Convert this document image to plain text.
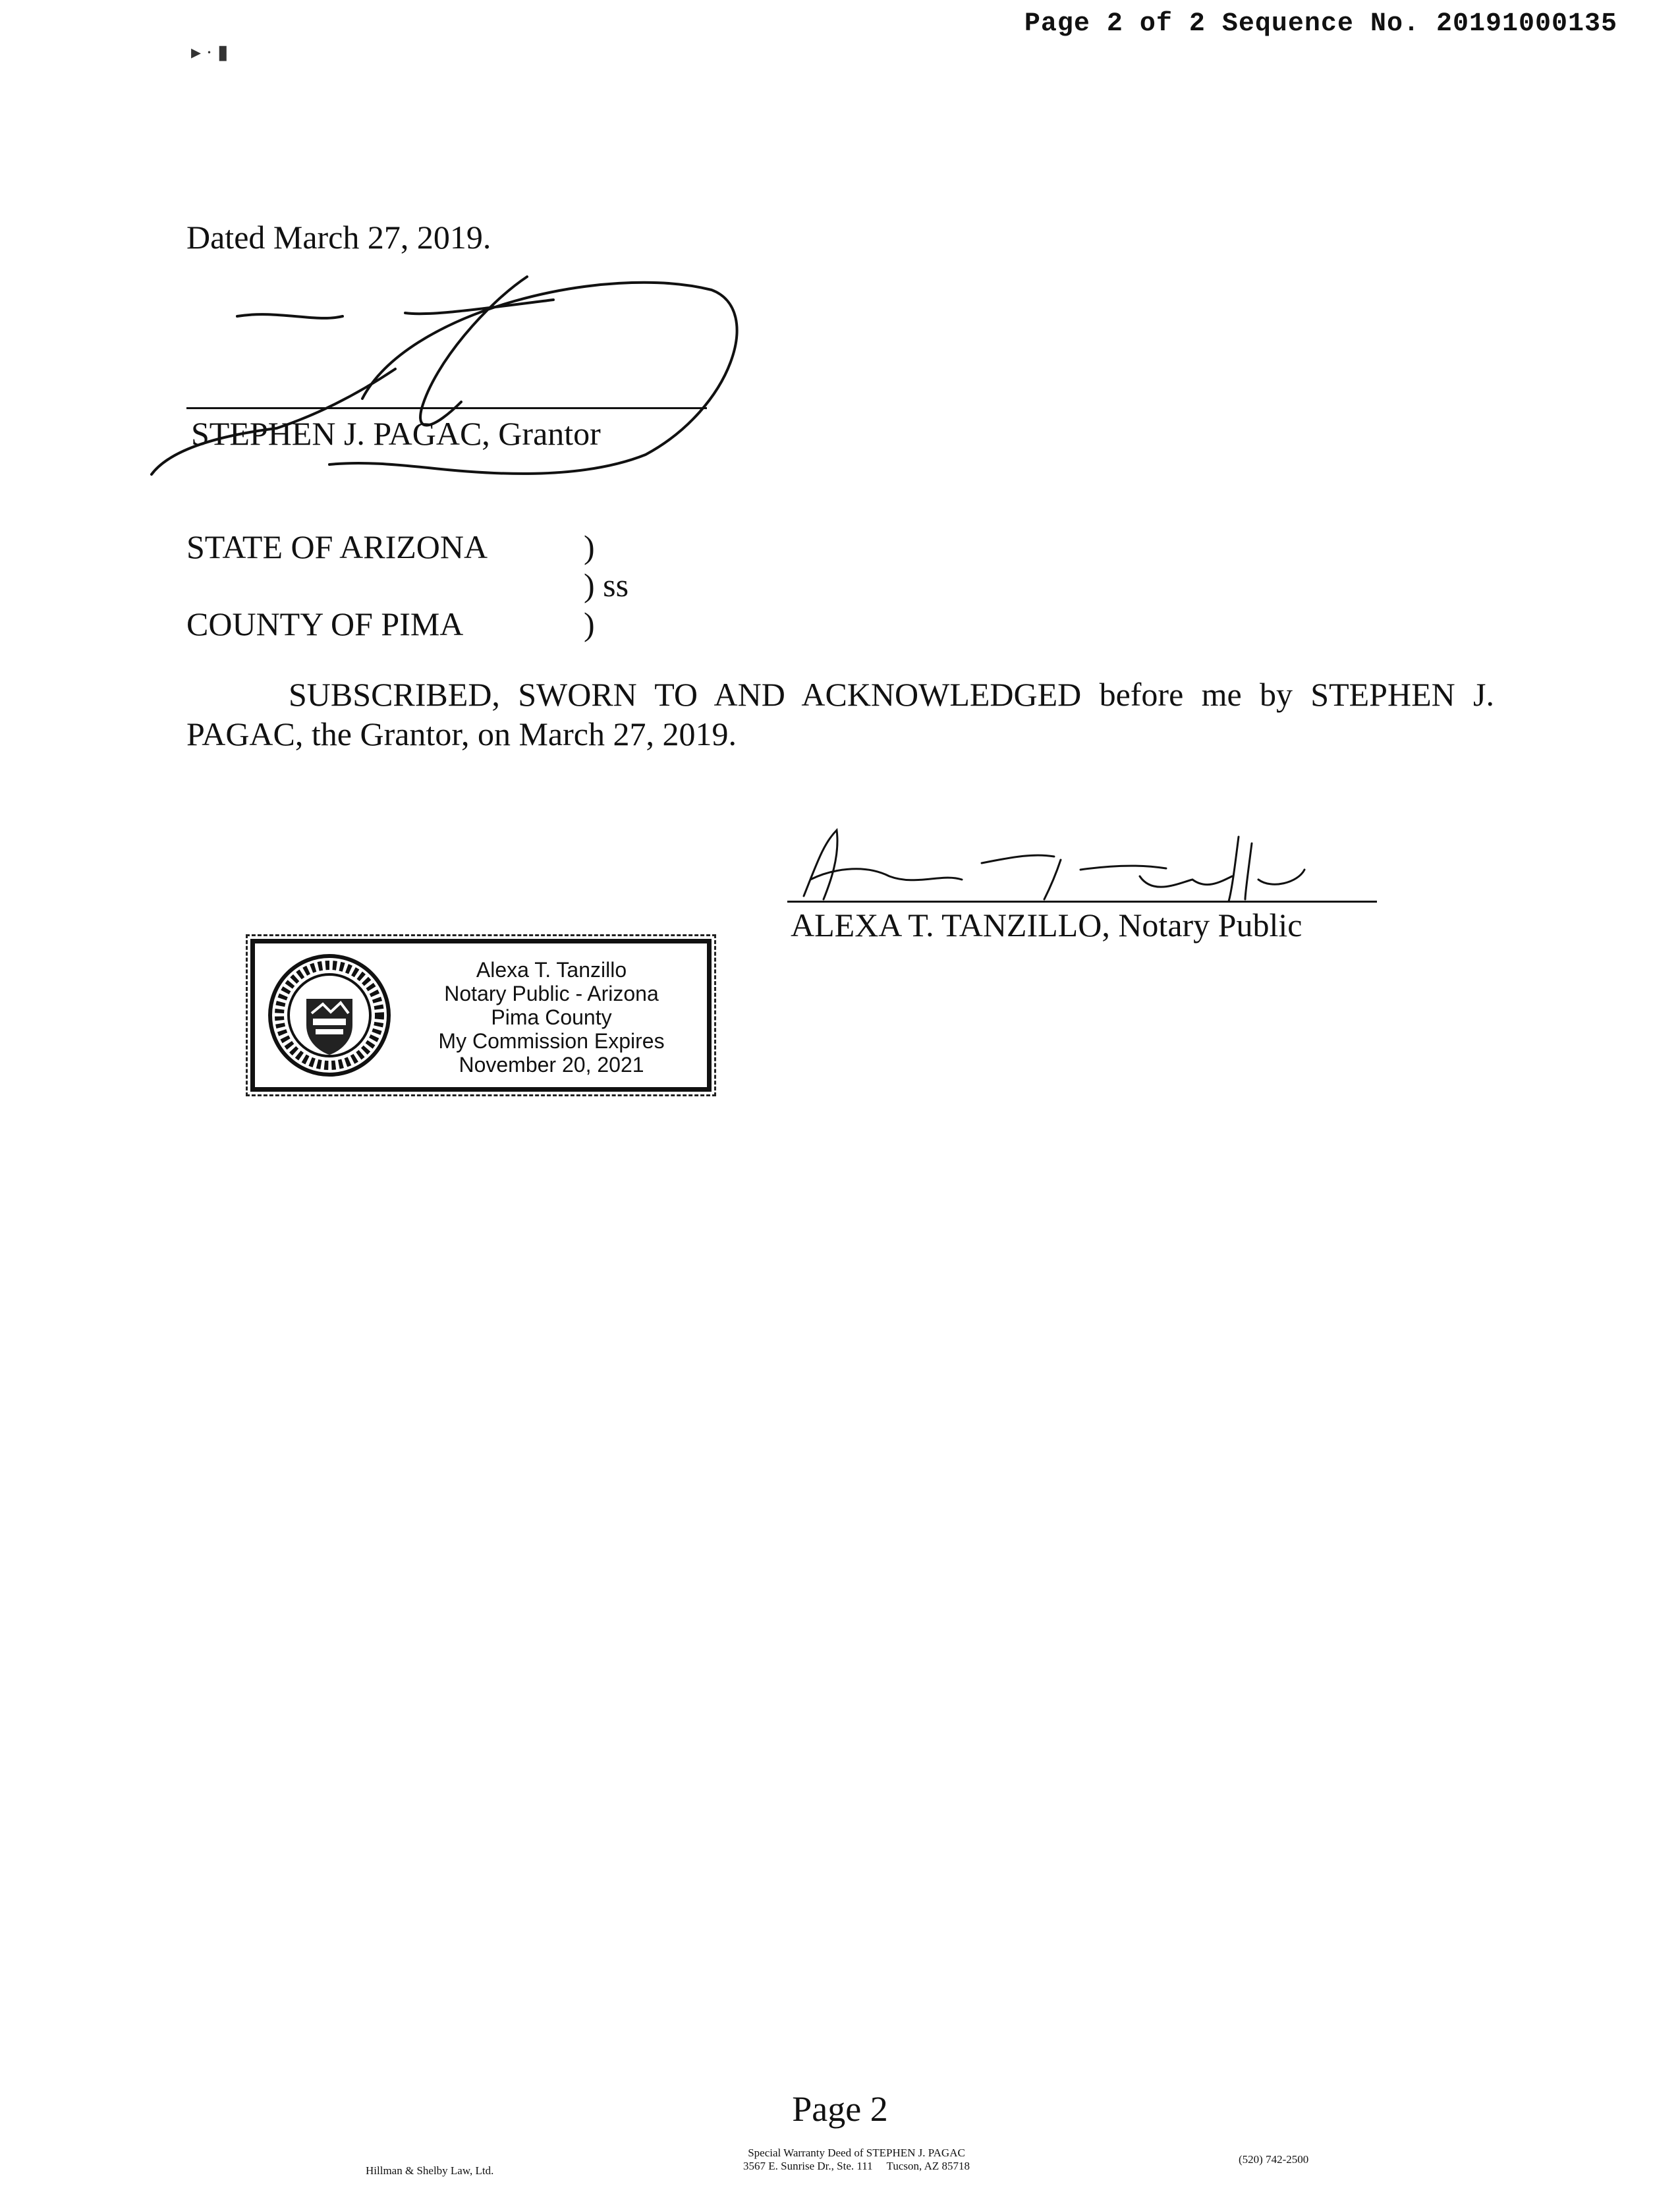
Page 2 of 2 Sequence No. 20191000135
▸ · ▮
Dated March 27, 2019.
STEPHEN J. PAGAC, Grantor
STATE OF ARIZONA	)
) ss
COUNTY OF PIMA	)
SUBSCRIBED, SWORN TO AND ACKNOWLEDGED before me by STEPHEN J. PAGAC, the Grantor, on March 27, 2019.
ALEXA T. TANZILLO, Notary Public
Alexa T. Tanzillo
Notary Public - Arizona
Pima County
My Commission Expires
November 20, 2021
Page 2
Hillman & Shelby Law, Ltd.
Special Warranty Deed of STEPHEN J. PAGAC
3567 E. Sunrise Dr., Ste. 111     Tucson, AZ 85718
(520) 742-2500
